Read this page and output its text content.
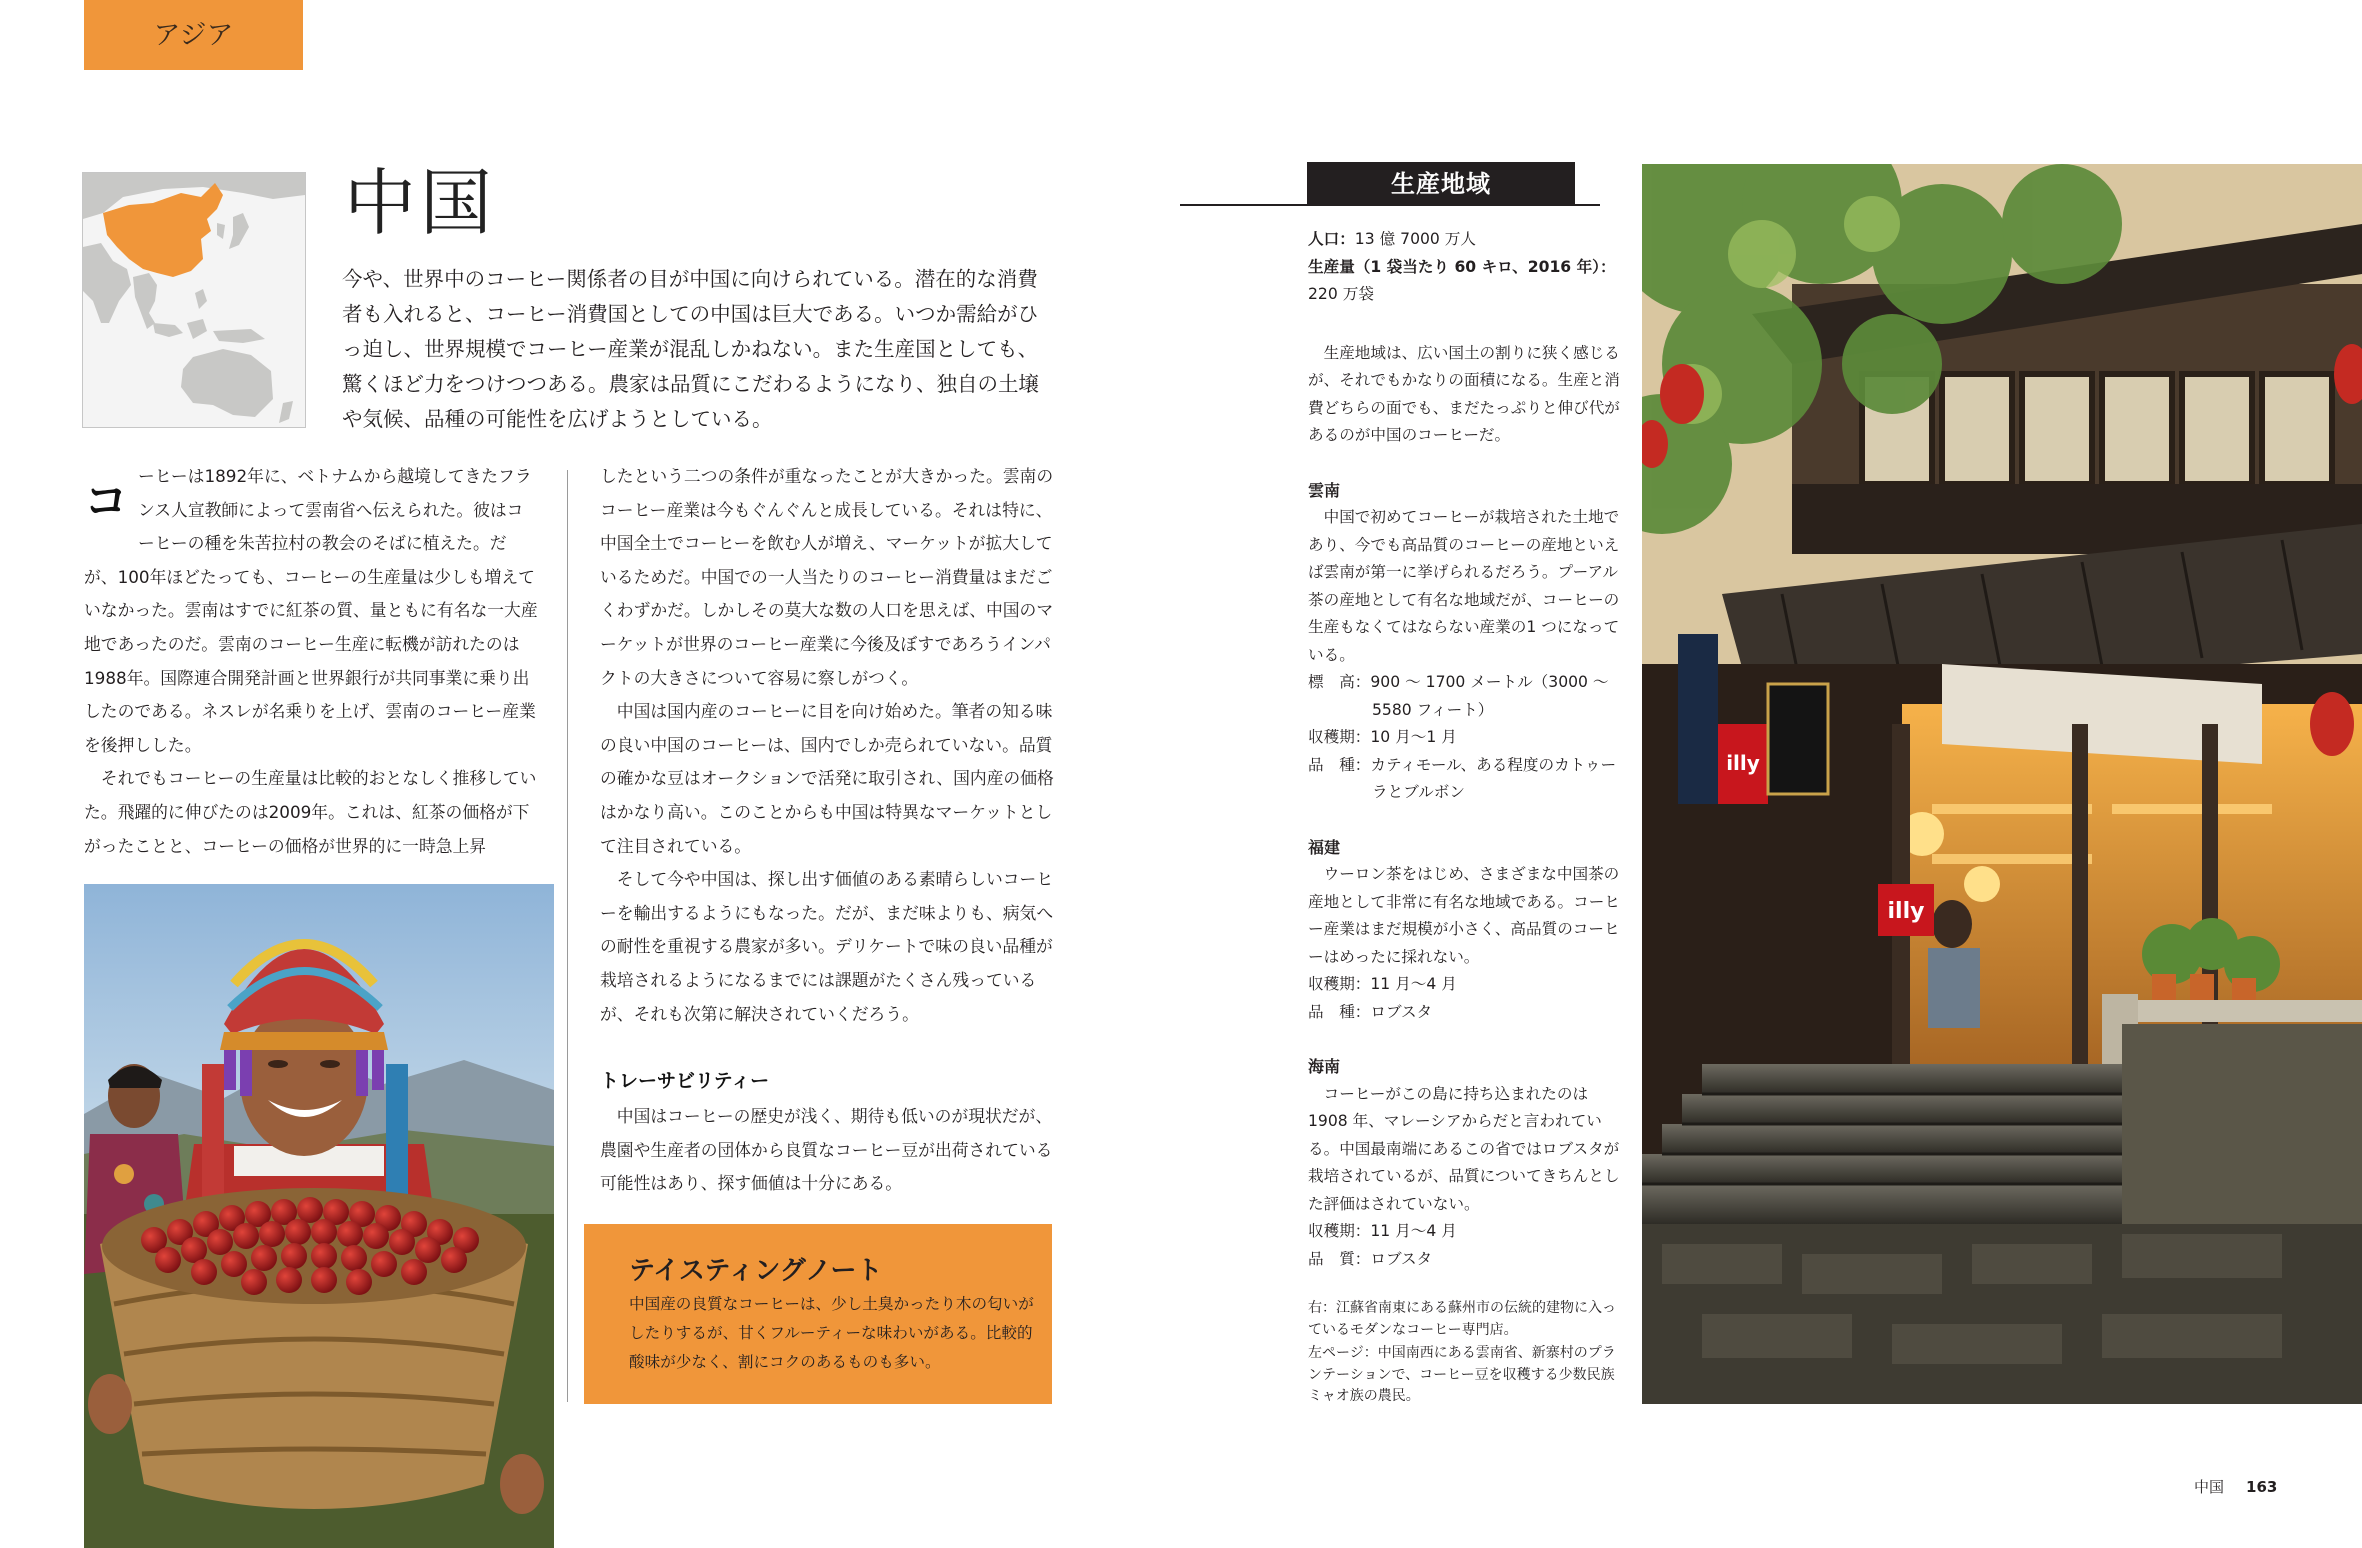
アジア
中国

今や、世界中のコーヒー関係者の目が中国に向けられている。潜在的な消費者も入れると、コーヒー消費国としての中国は巨大である。いつか需給がひっ迫し、世界規模でコーヒー産業が混乱しかねない。また生産国としても、驚くほど力をつけつつある。農家は品質にこだわるようになり、独自の土壌や気候、品種の可能性を広げようとしている。

コ ーヒーは1892年に、ベトナムから越境してきたフランス人宣教師によって雲南省へ伝えられた。彼はコーヒーの種を朱苦拉村の教会のそばに植えた。だが、100年ほどたっても、コーヒーの生産量は少しも増えていなかった。雲南はすでに紅茶の質、量ともに有名な一大産地であったのだ。雲南のコーヒー生産に転機が訪れたのは1988年。国際連合開発計画と世界銀行が共同事業に乗り出したのである。ネスレが名乗りを上げ、雲南のコーヒー産業を後押しした。

それでもコーヒーの生産量は比較的おとなしく推移していた。飛躍的に伸びたのは2009年。これは、紅茶の価格が下がったことと、コーヒーの価格が世界的に一時急上昇

したという二つの条件が重なったことが大きかった。雲南のコーヒー産業は今もぐんぐんと成長している。それは特に、中国全土でコーヒーを飲む人が増え、マーケットが拡大しているためだ。中国での一人当たりのコーヒー消費量はまだごくわずかだ。しかしその莫大な数の人口を思えば、中国のマーケットが世界のコーヒー産業に今後及ぼすであろうインパクトの大きさについて容易に察しがつく。

中国は国内産のコーヒーに目を向け始めた。筆者の知る味の良い中国のコーヒーは、国内でしか売られていない。品質の確かな豆はオークションで活発に取引され、国内産の価格はかなり高い。このことからも中国は特異なマーケットとして注目されている。

そして今や中国は、探し出す価値のある素晴らしいコーヒーを輸出するようにもなった。だが、まだ味よりも、病気への耐性を重視する農家が多い。デリケートで味の良い品種が栽培されるようになるまでには課題がたくさん残っているが、それも次第に解決されていくだろう。

トレーサビリティー

中国はコーヒーの歴史が浅く、期待も低いのが現状だが、農園や生産者の団体から良質なコーヒー豆が出荷されている可能性はあり、探す価値は十分にある。

テイスティングノート
中国産の良質なコーヒーは、少し土臭かったり木の匂いがしたりするが、甘くフルーティーな味わいがある。比較的酸味が少なく、割にコクのあるものも多い。
生産地域

人口：13 億 7000 万人

生産量（1 袋当たり 60 キロ、2016 年）：

220 万袋

生産地域は、広い国土の割りに狭く感じるが、それでもかなりの面積になる。生産と消費どちらの面でも、まだたっぷりと伸び代があるのが中国のコーヒーだ。

雲南

中国で初めてコーヒーが栽培された土地であり、今でも高品質のコーヒーの産地といえば雲南が第一に挙げられるだろう。プーアル茶の産地として有名な地域だが、コーヒーの生産もなくてはならない産業の1 つになっている。

標　高：900 〜 1700 メートル（3000 〜

5580 フィート）

収穫期：10 月〜1 月

品　種：カティモール、ある程度のカトゥー

ラとブルボン

福建

ウーロン茶をはじめ、さまざまな中国茶の産地として非常に有名な地域である。コーヒー産業はまだ規模が小さく、高品質のコーヒーはめったに採れない。

収穫期：11 月〜4 月

品　種：ロブスタ

海南

コーヒーがこの島に持ち込まれたのは1908 年、マレーシアからだと言われている。中国最南端にあるこの省ではロブスタが栽培されているが、品質についてきちんとした評価はされていない。

収穫期：11 月〜4 月

品　質：ロブスタ

右：江蘇省南東にある蘇州市の伝統的建物に入っているモダンなコーヒー専門店。

左ページ：中国南西にある雲南省、新寨村のプランテーションで、コーヒー豆を収穫する少数民族ミャオ族の農民。

illy
illy
中国 163
